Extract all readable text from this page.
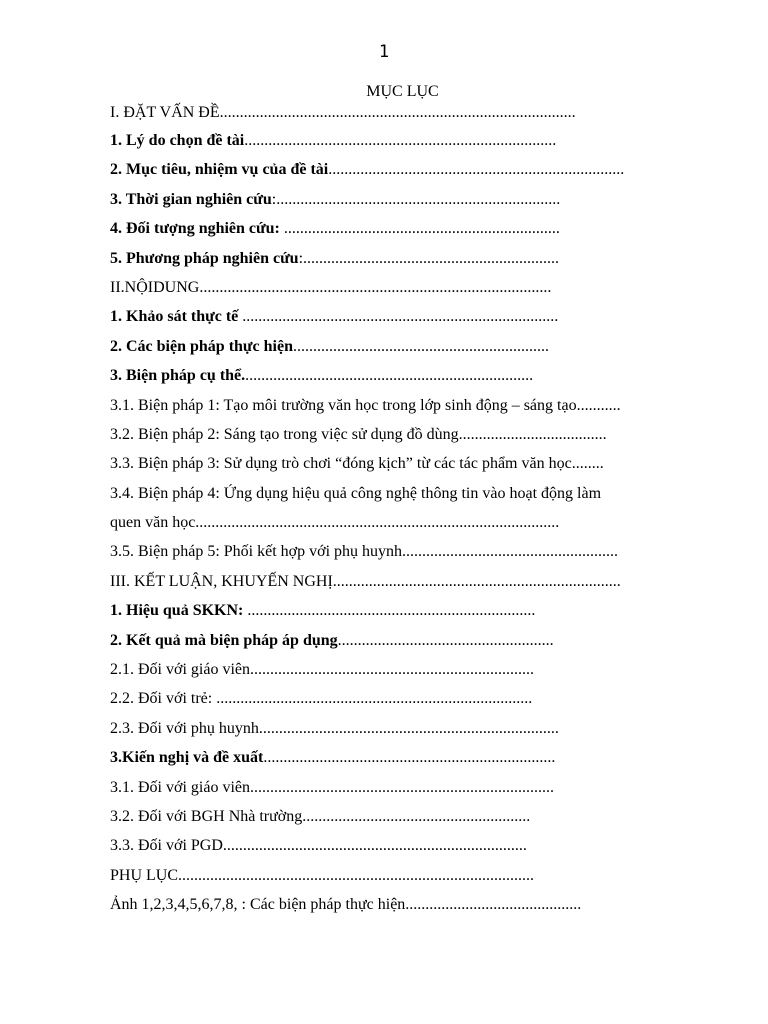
1
MỤC LỤC
I. ĐẶT VẤN ĐỀ.........................................................................................
1. Lý do chọn đề tài..............................................................................
2. Mục tiêu, nhiệm vụ của đề tài..........................................................................
3. Thời gian nghiên cứu:.......................................................................
4. Đối tượng nghiên cứu: .....................................................................
5. Phương pháp nghiên cứu:................................................................
II.NỘIDUNG........................................................................................
1. Khảo sát thực tế ...............................................................................
2. Các biện pháp thực hiện................................................................
3. Biện pháp cụ thể.........................................................................
3.1. Biện pháp 1: Tạo môi trường văn học trong lớp sinh động – sáng tạo...........
3.2. Biện pháp 2: Sáng tạo trong việc sử dụng đồ dùng.....................................
3.3. Biện pháp 3: Sử dụng trò chơi “đóng kịch” từ các tác phẩm văn học........
3.4. Biện pháp 4: Ứng dụng hiệu quả công nghệ thông tin vào hoạt động làm
quen văn học...........................................................................................
3.5. Biện pháp 5: Phối kết hợp với phụ huynh......................................................
III. KẾT LUẬN, KHUYẾN NGHỊ........................................................................
1. Hiệu quả SKKN: ........................................................................
2. Kết quả mà biện pháp áp dụng......................................................
2.1. Đối với giáo viên.......................................................................
2.2. Đối với trẻ: ...............................................................................
2.3. Đối với phụ huynh...........................................................................
3.Kiến nghị và đề xuất.........................................................................
3.1. Đối với giáo viên............................................................................
3.2. Đối với BGH Nhà trường.........................................................
3.3. Đối với PGD............................................................................
PHỤ LỤC.........................................................................................
Ảnh 1,2,3,4,5,6,7,8, : Các biện pháp thực hiện............................................
